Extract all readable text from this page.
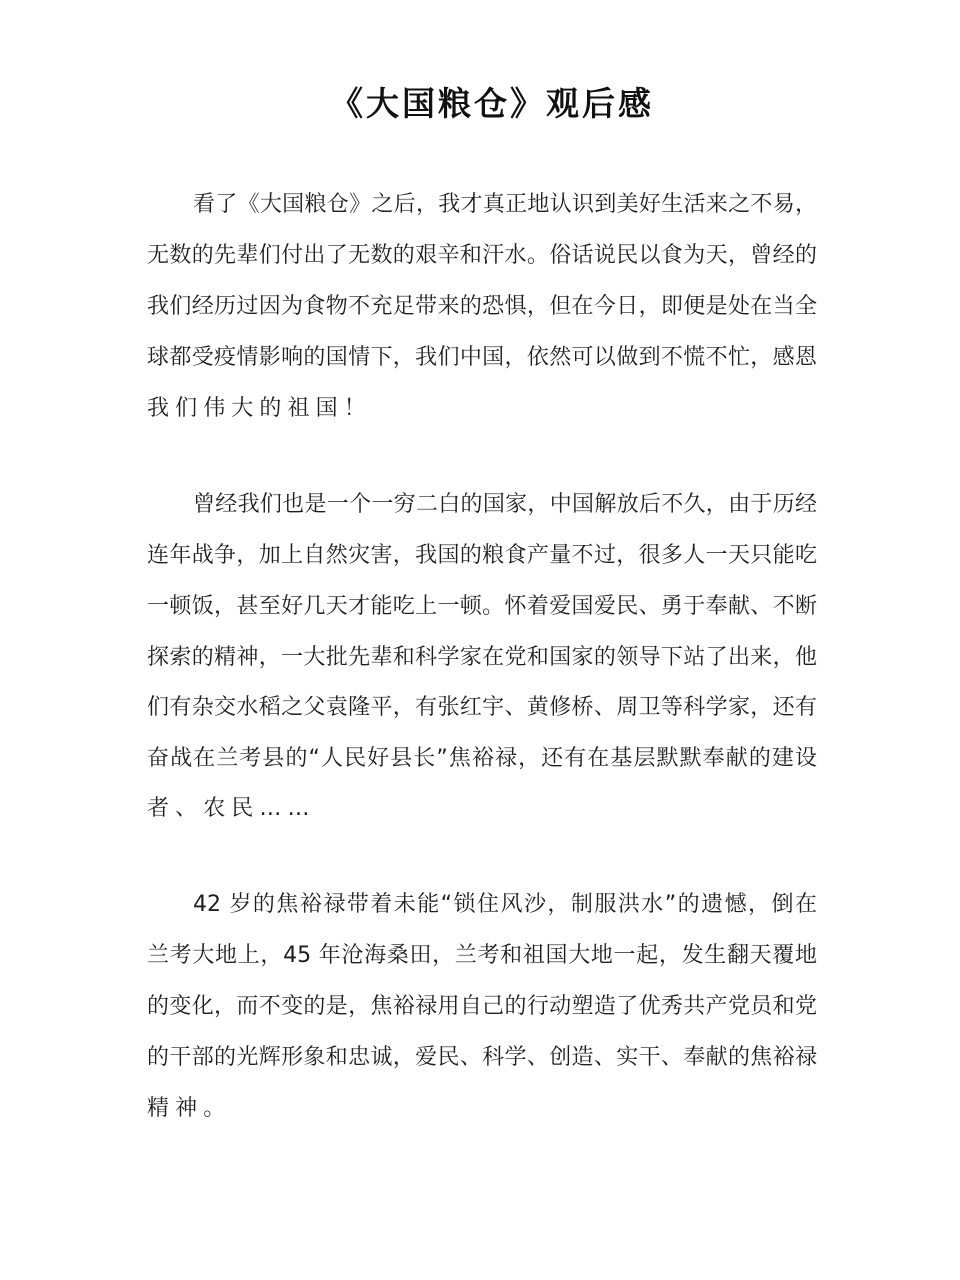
《大国粮仓》观后感
看了《大国粮仓》之后，我才真正地认识到美好生活来之不易，
无数的先辈们付出了无数的艰辛和汗水。俗话说民以食为天，曾经的
我们经历过因为食物不充足带来的恐惧，但在今日，即便是处在当全
球都受疫情影响的国情下，我们中国，依然可以做到不慌不忙，感恩
我们伟大的祖国！
曾经我们也是一个一穷二白的国家，中国解放后不久，由于历经
连年战争，加上自然灾害，我国的粮食产量不过，很多人一天只能吃
一顿饭，甚至好几天才能吃上一顿。怀着爱国爱民、勇于奉献、不断
探索的精神，一大批先辈和科学家在党和国家的领导下站了出来，他
们有杂交水稻之父袁隆平，有张红宇、黄修桥、周卫等科学家，还有
奋战在兰考县的“人民好县长”焦裕禄，还有在基层默默奉献的建设
者、农民……
42 岁的焦裕禄带着未能“锁住风沙，制服洪水”的遗憾，倒在
兰考大地上，45 年沧海桑田，兰考和祖国大地一起，发生翻天覆地
的变化，而不变的是，焦裕禄用自己的行动塑造了优秀共产党员和党
的干部的光辉形象和忠诚，爱民、科学、创造、实干、奉献的焦裕禄
精神。
